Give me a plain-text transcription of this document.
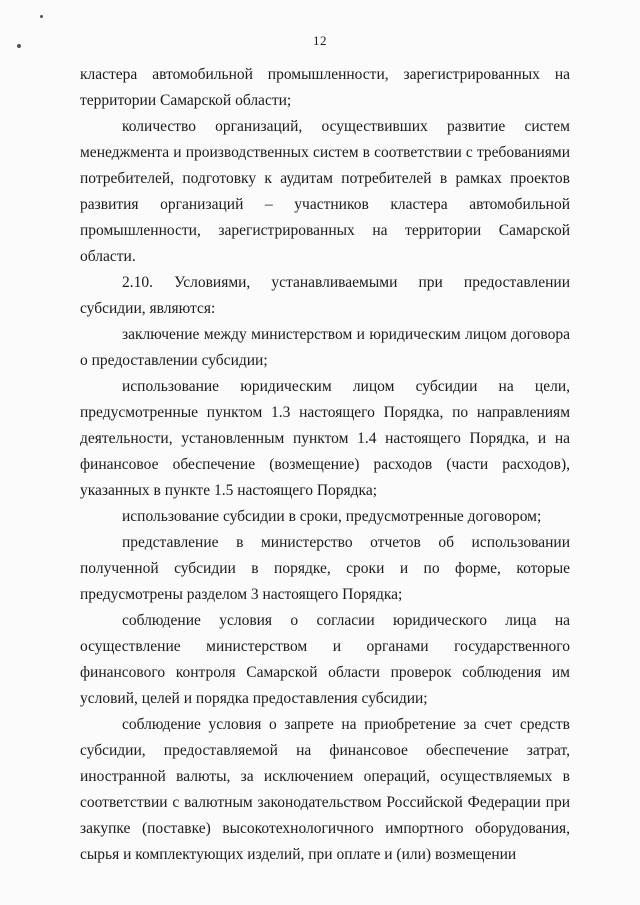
12

кластера автомобильной промышленности, зарегистрированных на территории Самарской области;

количество организаций, осуществивших развитие систем менеджмента и производственных систем в соответствии с требованиями потребителей, подготовку к аудитам потребителей в рамках проектов развития организаций – участников кластера автомобильной промышленности, зарегистрированных на территории Самарской области.

2.10. Условиями, устанавливаемыми при предоставлении субсидии, являются:

заключение между министерством и юридическим лицом договора о предоставлении субсидии;

использование юридическим лицом субсидии на цели, предусмотренные пунктом 1.3 настоящего Порядка, по направлениям деятельности, установленным пунктом 1.4 настоящего Порядка, и на финансовое обеспечение (возмещение) расходов (части расходов), указанных в пункте 1.5 настоящего Порядка;

использование субсидии в сроки, предусмотренные договором;

представление в министерство отчетов об использовании полученной субсидии в порядке, сроки и по форме, которые предусмотрены разделом 3 настоящего Порядка;

соблюдение условия о согласии юридического лица на осуществление министерством и органами государственного финансового контроля Самарской области проверок соблюдения им условий, целей и порядка предоставления субсидии;

соблюдение условия о запрете на приобретение за счет средств субсидии, предоставляемой на финансовое обеспечение затрат, иностранной валюты, за исключением операций, осуществляемых в соответствии с валютным законодательством Российской Федерации при закупке (поставке) высокотехнологичного импортного оборудования, сырья и комплектующих изделий, при оплате и (или) возмещении
